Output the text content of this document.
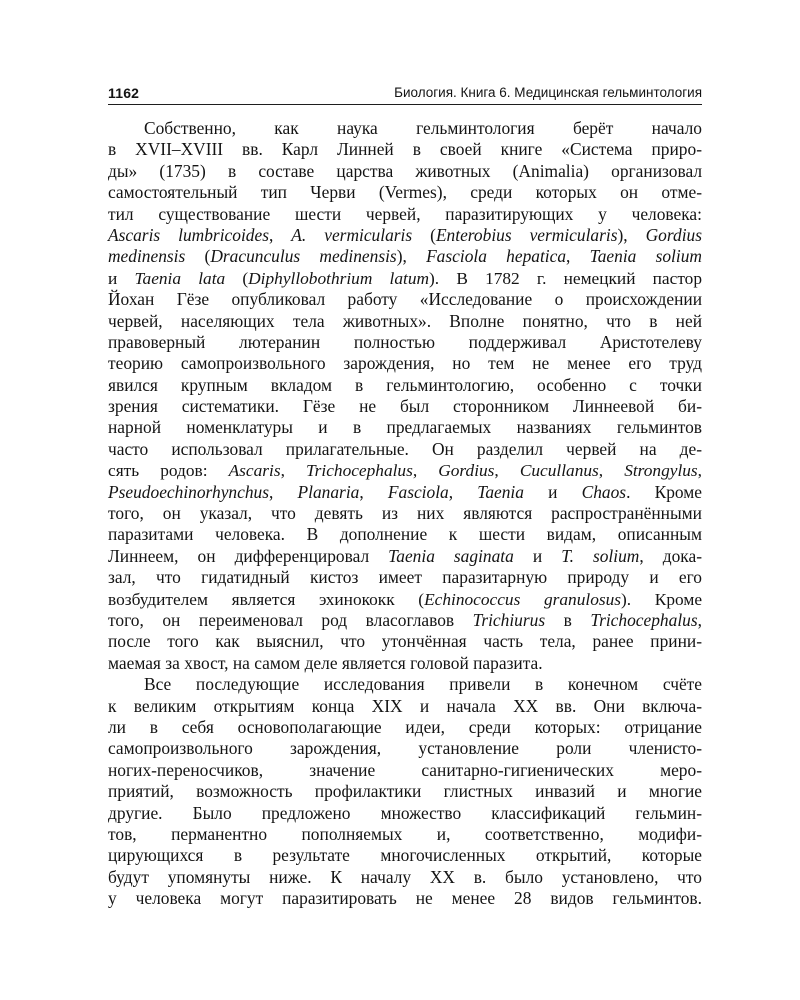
1162	Биология. Книга 6. Медицинская гельминтология
Собственно, как наука гельминтология берёт начало
в XVII–XVIII вв. Карл Линней в своей книге «Система приро-
ды» (1735) в составе царства животных (Animalia) организовал
самостоятельный тип Черви (Vermes), среди которых он отме-
тил существование шести червей, паразитирующих у человека:
Ascaris lumbricoides, A. vermicularis (Enterobius vermicularis), Gordius
medinensis (Dracunculus medinensis), Fasciola hepatica, Taenia solium
и Taenia lata (Diphyllobothrium latum). В 1782 г. немецкий пастор
Йохан Гёзе опубликовал работу «Исследование о происхождении
червей, населяющих тела животных». Вполне понятно, что в ней
правоверный лютеранин полностью поддерживал Аристотелеву
теорию самопроизвольного зарождения, но тем не менее его труд
явился крупным вкладом в гельминтологию, особенно с точки
зрения систематики. Гёзе не был сторонником Линнеевой би-
нарной номенклатуры и в предлагаемых названиях гельминтов
часто использовал прилагательные. Он разделил червей на де-
сять родов: Ascaris, Trichocephalus, Gordius, Cucullanus, Strongylus,
Pseudoechinorhynchus, Planaria, Fasciola, Taenia и Chaos. Кроме
того, он указал, что девять из них являются распространёнными
паразитами человека. В дополнение к шести видам, описанным
Линнеем, он дифференцировал Taenia saginata и T. solium, дока-
зал, что гидатидный кистоз имеет паразитарную природу и его
возбудителем является эхинококк (Echinococcus granulosus). Кроме
того, он переименовал род власоглавов Trichiurus в Trichocephalus,
после того как выяснил, что утончённая часть тела, ранее прини-
маемая за хвост, на самом деле является головой паразита.
Все последующие исследования привели в конечном счёте
к великим открытиям конца XIX и начала XX вв. Они включа-
ли в себя основополагающие идеи, среди которых: отрицание
самопроизвольного зарождения, установление роли членисто-
ногих-переносчиков, значение санитарно-гигиенических меро-
приятий, возможность профилактики глистных инвазий и многие
другие. Было предложено множество классификаций гельмин-
тов, перманентно пополняемых и, соответственно, модифи-
цирующихся в результате многочисленных открытий, которые
будут упомянуты ниже. К началу XX в. было установлено, что
у человека могут паразитировать не менее 28 видов гельминтов.
